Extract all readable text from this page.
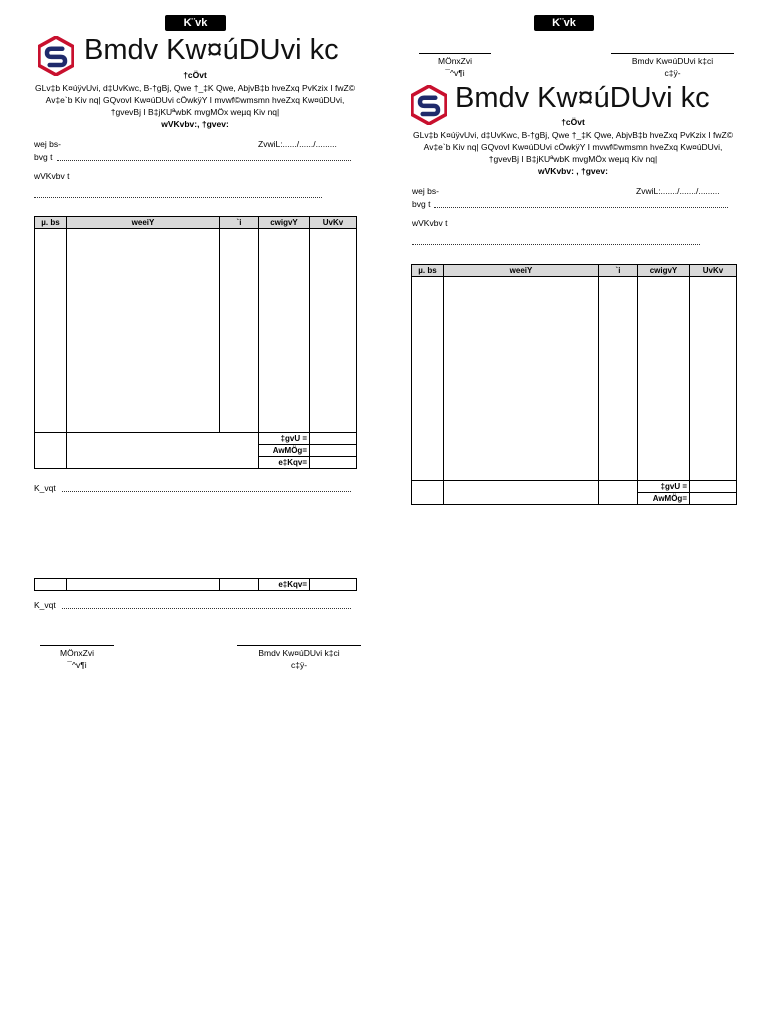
K¨vk
Bmdv Kw¤úDUvi kc
†cÖvt
GLv‡b K¤úÿvUvi, d‡UvKwc, B-†gBj, Qwe †_‡K Qwe, AbjvB‡b hveZxq PvKzix I fwZ©
Av‡e`b Kiv nq| GQvovI Kw¤úDUvi cÖwkÿY I mvwf©wmsmn hveZxq Kw¤úDUvi,
†gvevBj I B‡jKUªwbK mvgMÖx weµq Kiv nq|
wVKvbv:, †gvev:
wej bs-	ZvwiL:....../....../.........
bvg t
wVKvbv t
µ. bs	weeiY	`i	cwigvY	UvKv

			‡gvU =	
			AwMÖg=	
			e‡Kqv=	
K_vqt
			e‡Kqv=	
K_vqt
MÖnxZvi
¯^v¶i
Bmdv Kw¤úDUvi k‡ci
c‡ÿ-
K¨vk
MÖnxZvi
¯^v¶i
Bmdv Kw¤úDUvi k‡ci
c‡ÿ-
Bmdv Kw¤úDUvi kc
†cÖvt
GLv‡b K¤úÿvUvi, d‡UvKwc, B-†gBj, Qwe †_‡K Qwe, AbjvB‡b hveZxq PvKzix I fwZ©
Av‡e`b Kiv nq| GQvovI Kw¤úDUvi cÖwkÿY I mvwf©wmsmn hveZxq Kw¤úDUvi,
†gvevBj I B‡jKUªwbK mvgMÖx weµq Kiv nq|
wVKvbv: , †gvev:
wej bs-	ZvwiL:......./......./.........
bvg t
wVKvbv t
µ. bs	weeiY	`i	cwigvY	UvKv

			‡gvU =	
			AwMÖg=	
